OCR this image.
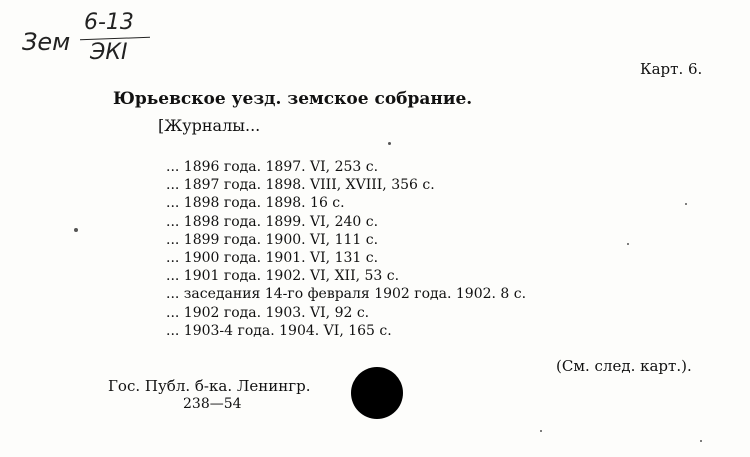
Зем
6-13
ЭКI
Карт. 6.
Юрьевское уезд. земское собрание.
[Журналы...
... 1896 года. 1897. VI, 253 с.
... 1897 года. 1898. VIII, XVIII, 356 с.
... 1898 года. 1898. 16 с.
... 1898 года. 1899. VI, 240 с.
... 1899 года. 1900. VI, 111 с.
... 1900 года. 1901. VI, 131 с.
... 1901 года. 1902. VI, XII, 53 с.
... заседания 14-го февраля 1902 года. 1902. 8 с.
... 1902 года. 1903. VI, 92 с.
... 1903-4 года. 1904. VI, 165 с.
(См. след. карт.).
Гос. Публ. б-ка. Ленингр.
238—54
